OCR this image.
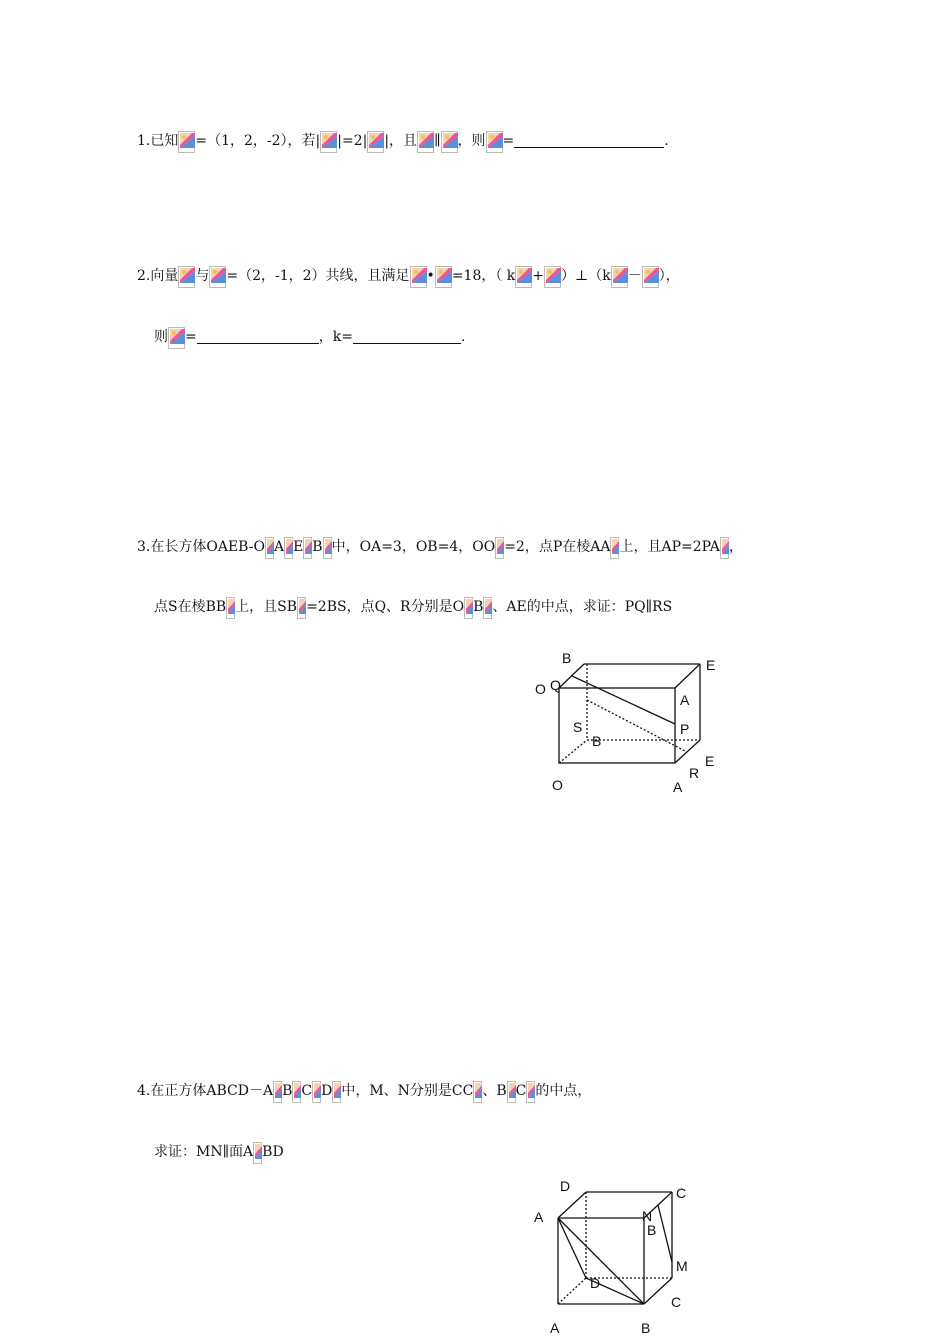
1.已知 =（1，2，-2），若| |=2| |，且 ∥ ，则 =	.
2.向量 与 =（2，-1，2）共线，且满足 • =18，（ k + ）⊥（k － ），
则 =	，k=	.
3.在长方体OAEB-O A E B 中，OA=3，OB=4，OO =2，点P在棱AA 上，且AP=2PA ，
点S在棱BB 上，且SB =2BS，点Q、R分别是O B 、AE的中点，求证：PQ∥RS
B	E
O Q
A
S	P
B
E
R
O	A
4.在正方体ABCD－A B C D 中，M、N分别是CC 、B C 的中点，
求证：MN∥面A BD
D	C
A	N
B
M
D
C
A	B
